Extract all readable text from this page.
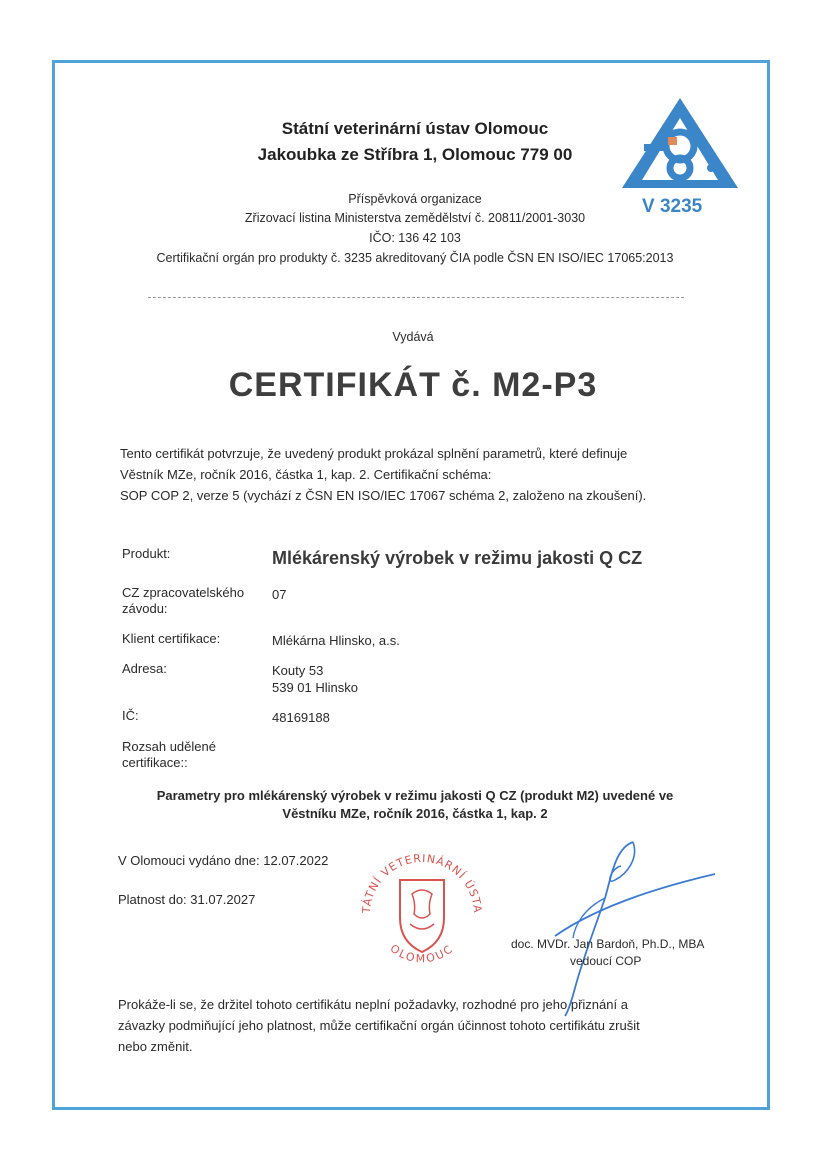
Státní veterinární ústav Olomouc
Jakoubka ze Stříbra 1, Olomouc 779 00
Příspěvková organizace
Zřizovací listina Ministerstva zemědělství č. 20811/2001-3030
IČO: 136 42 103
Certifikační orgán pro produkty č. 3235 akreditovaný ČIA podle ČSN EN ISO/IEC 17065:2013
V 3235
Vydává
CERTIFIKÁT č. M2-P3
Tento certifikát potvrzuje, že uvedený produkt prokázal splnění parametrů, které definuje
Věstník MZe, ročník 2016, částka 1, kap. 2. Certifikační schéma:
SOP COP 2, verze 5 (vychází z ČSN EN ISO/IEC 17067 schéma 2, založeno na zkoušení).
Produkt:	Mlékárenský výrobek v režimu jakosti Q CZ
CZ zpracovatelského
závodu:
07
Klient certifikace:	Mlékárna Hlinsko, a.s.
Adresa:	Kouty 53
539 01 Hlinsko
IČ:	48169188
Rozsah udělené
certifikace::
Parametry pro mlékárenský výrobek v režimu jakosti Q CZ (produkt M2) uvedené ve
Věstníku MZe, ročník 2016, částka 1, kap. 2
V Olomouci vydáno dne: 12.07.2022
Platnost do: 31.07.2027
TÁTNÍ VETERINÁRNÍ ÚSTA
OLOMOUC	doc. MVDr. Jan Bardoň, Ph.D., MBA
vedoucí COP
Prokáže-li se, že držitel tohoto certifikátu neplní požadavky, rozhodné pro jeho přiznání a
závazky podmiňující jeho platnost, může certifikační orgán účinnost tohoto certifikátu zrušit
nebo změnit.
